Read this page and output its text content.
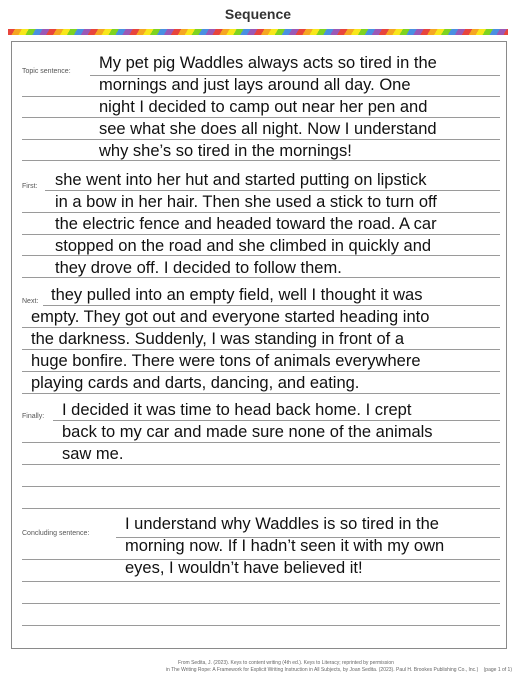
Sequence
Topic sentence:
First:
Next:
Finally:
Concluding sentence:
My pet pig Waddles always acts so tired in the
mornings and just lays around all day. One
night I decided to camp out near her pen and
see what she does all night. Now I understand
why she’s so tired in the mornings!
she went into her hut and started putting on lipstick
in a bow in her hair. Then she used a stick to turn off
the electric fence and headed toward the road. A car
stopped on the road and she climbed in quickly and
they drove off. I decided to follow them.
they pulled into an empty field, well I thought it was
empty. They got out and everyone started heading into
the darkness. Suddenly, I was standing in front of a
huge bonfire. There were tons of animals everywhere
playing cards and darts, dancing, and eating.
I decided it was time to head back home. I crept
back to my car and made sure none of the animals
saw me.
I understand why Waddles is so tired in the
morning now. If I hadn’t seen it with my own
eyes, I wouldn’t have believed it!
From Sedita, J. (2023). Keys to content writing (4th ed.). Keys to Literacy; reprinted by permission
in The Writing Rope: A Framework for Explicit Writing Instruction in All Subjects, by Joan Sedita. (2023). Paul H. Brookes Publishing Co., Inc.) (page 1 of 1)
